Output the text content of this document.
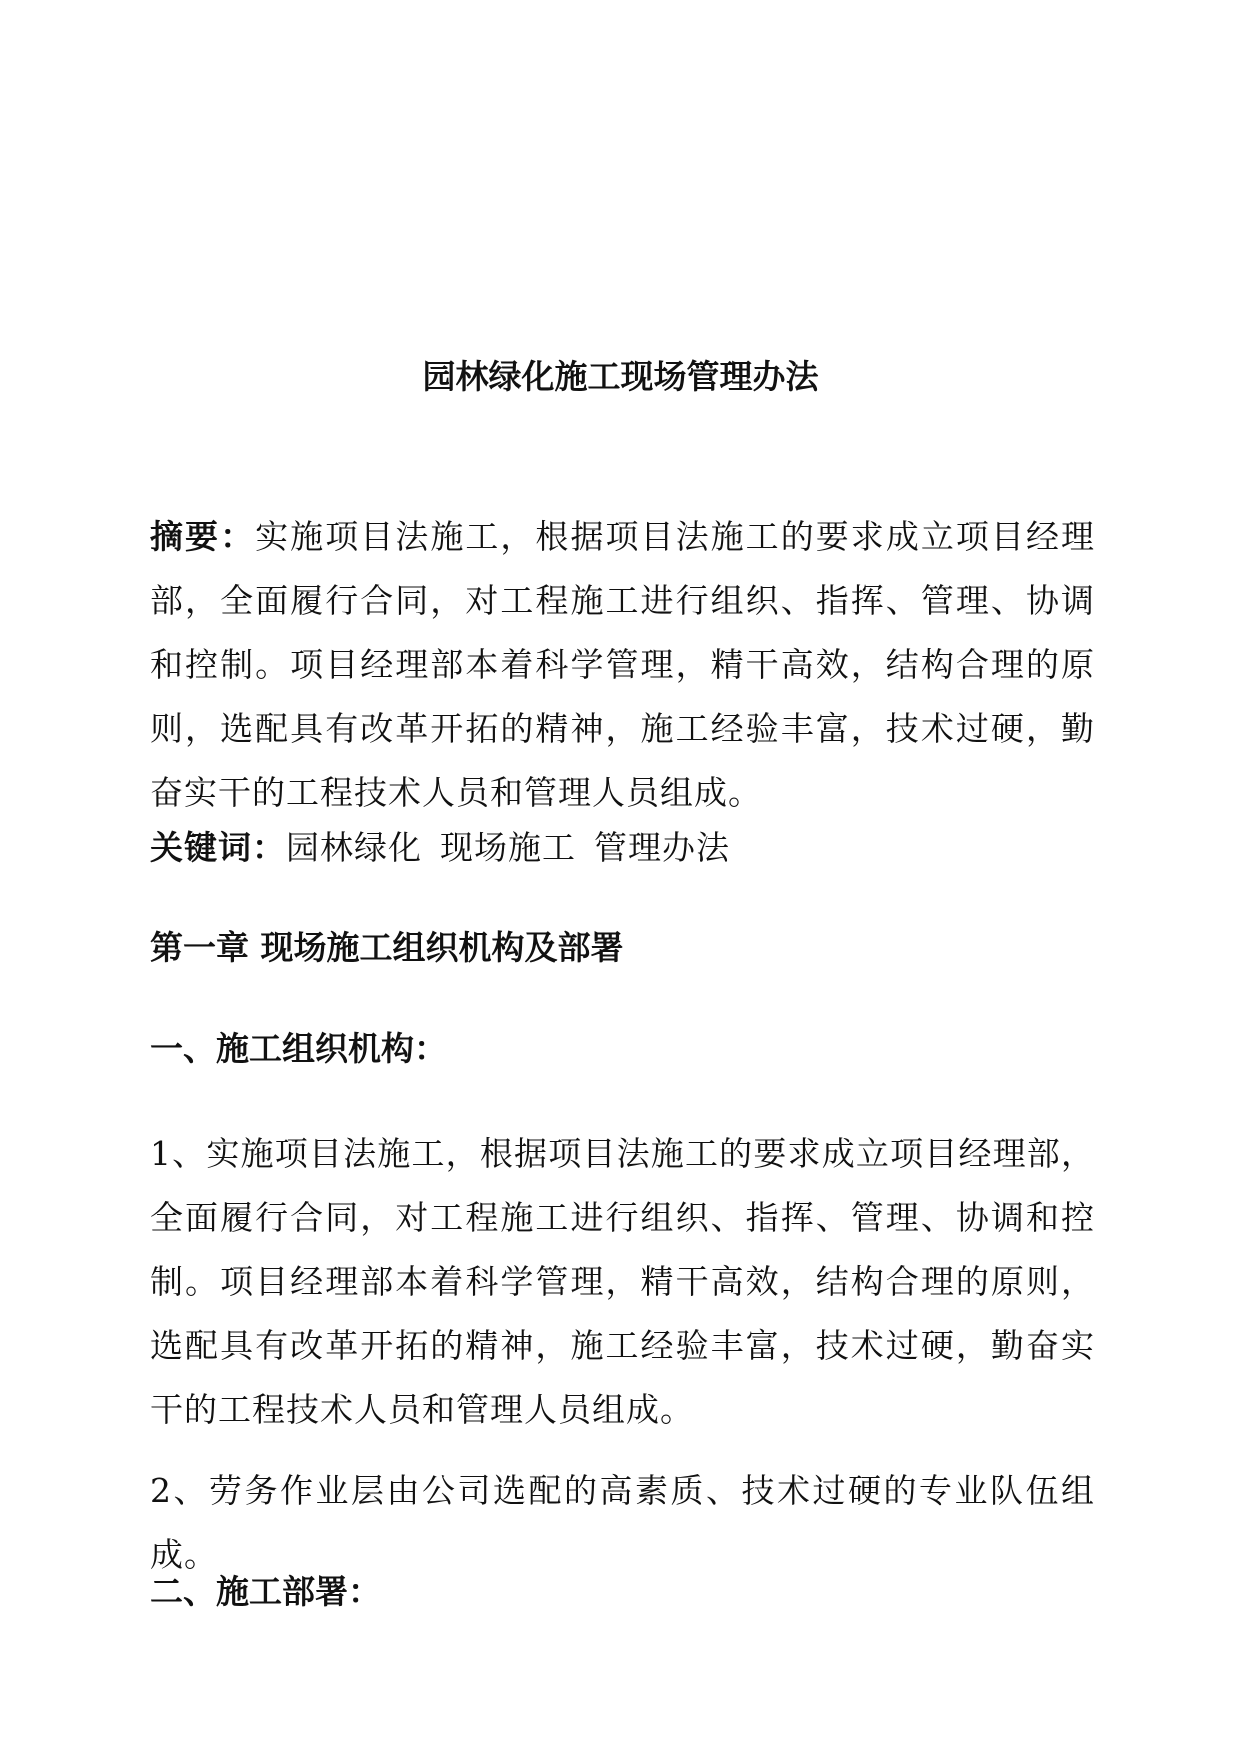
园林绿化施工现场管理办法
摘要：实施项目法施工，根据项目法施工的要求成立项目经理部，全面履行合同，对工程施工进行组织、指挥、管理、协调和控制。项目经理部本着科学管理，精干高效，结构合理的原则，选配具有改革开拓的精神，施工经验丰富，技术过硬，勤奋实干的工程技术人员和管理人员组成。
关键词：园林绿化 现场施工 管理办法
第一章 现场施工组织机构及部署
一、施工组织机构：
1、实施项目法施工，根据项目法施工的要求成立项目经理部，全面履行合同，对工程施工进行组织、指挥、管理、协调和控制。项目经理部本着科学管理，精干高效，结构合理的原则，选配具有改革开拓的精神，施工经验丰富，技术过硬，勤奋实干的工程技术人员和管理人员组成。
2、劳务作业层由公司选配的高素质、技术过硬的专业队伍组成。
二、施工部署：
